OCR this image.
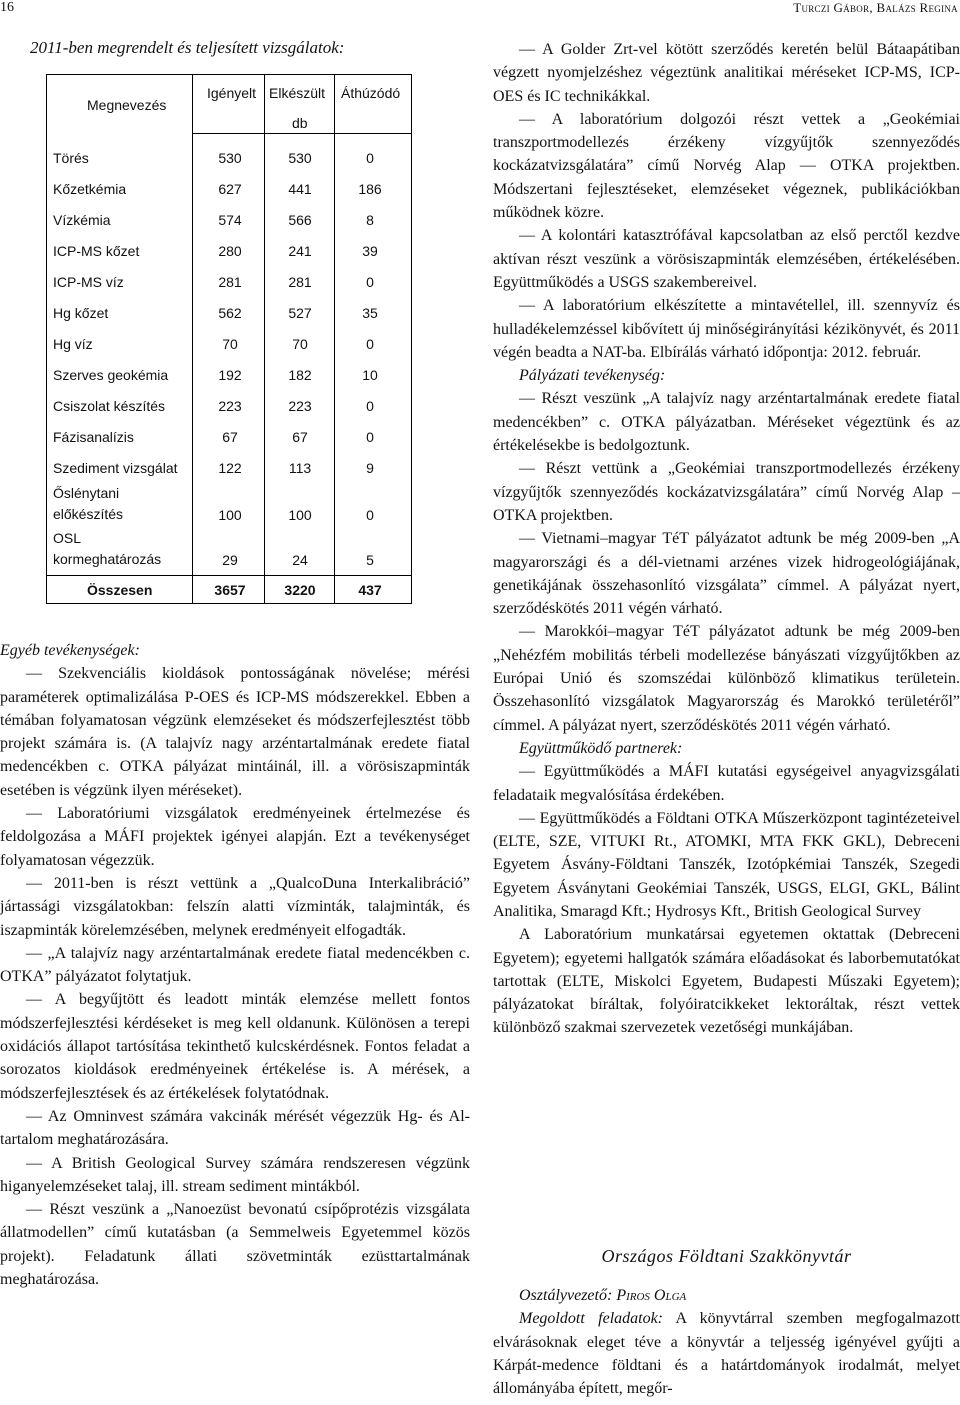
16	Turczi Gábor, Balázs Regina
2011-ben megrendelt és teljesített vizsgálatok:
Megnevezés
Igényelt Elkészült Áthúzódó
db
Törés	530	530	0
Kőzetkémia	627	441	186
Vízkémia	574	566	8
ICP-MS kőzet	280	241	39
ICP-MS víz	281	281	0
Hg kőzet	562	527	35
Hg víz	70	70	0
Szerves geokémia	192	182	10
Csiszolat készítés	223	223	0
Fázisanalízis	67	67	0
Szediment vizsgálat	122	113	9
Őslénytani
előkészítés	100	100	0
OSL
kormeghatározás	29	24	5
Összesen	3657	3220	437

Egyéb tevékenységek:

— Szekvenciális kioldások pontosságának növelése; mérési paraméterek optimalizálása P-OES és ICP-MS módszerekkel. Ebben a témában folyamatosan végzünk elemzéseket és módszerfejlesztést több projekt számára is. (A talajvíz nagy arzéntartalmának eredete fiatal medencékben c. OTKA pályázat mintáinál, ill. a vörösiszapminták esetében is végzünk ilyen méréseket).

— Laboratóriumi vizsgálatok eredményeinek értelmezése és feldolgozása a MÁFI projektek igényei alapján. Ezt a tevékenységet folyamatosan végezzük.

— 2011-ben is részt vettünk a „QualcoDuna Interkalibráció” jártassági vizsgálatokban: felszín alatti vízminták, talajminták, és iszapminták körelemzésében, melynek eredményeit elfogadták.

— „A talajvíz nagy arzéntartalmának eredete fiatal medencékben c. OTKA” pályázatot folytatjuk.

— A begyűjtött és leadott minták elemzése mellett fontos módszerfejlesztési kérdéseket is meg kell oldanunk. Különösen a terepi oxidációs állapot tartósítása tekinthető kulcskérdésnek. Fontos feladat a sorozatos kioldások eredményeinek értékelése is. A mérések, a módszerfejlesztések és az értékelések folytatódnak.

— Az Omninvest számára vakcinák mérését végezzük Hg- és Al-tartalom meghatározására.

— A British Geological Survey számára rendszeresen végzünk higanyelemzéseket talaj, ill. stream sediment mintákból.

— Részt veszünk a „Nanoezüst bevonatú csípőprotézis vizsgálata állatmodellen” című kutatásban (a Semmelweis Egyetemmel közös projekt). Feladatunk állati szövetminták ezüsttartalmának meghatározása.

— A Golder Zrt-vel kötött szerződés keretén belül Bátaapátiban végzett nyomjelzéshez végeztünk analitikai méréseket ICP-MS, ICP-OES és IC technikákkal.

— A laboratórium dolgozói részt vettek a „Geokémiai transzportmodellezés érzékeny vízgyűjtők szennyeződés kockázatvizsgálatára” című Norvég Alap — OTKA projektben. Módszertani fejlesztéseket, elemzéseket végeznek, publikációkban működnek közre.

— A kolontári katasztrófával kapcsolatban az első perctől kezdve aktívan részt veszünk a vörösiszapminták elemzésében, értékelésében. Együttműködés a USGS szakembereivel.

— A laboratórium elkészítette a mintavétellel, ill. szennyvíz és hulladékelemzéssel kibővített új minőségirányítási kézikönyvét, és 2011 végén beadta a NAT-ba. Elbírálás várható időpontja: 2012. február.

Pályázati tevékenység:

— Részt veszünk „A talajvíz nagy arzéntartalmának eredete fiatal medencékben” c. OTKA pályázatban. Méréseket végeztünk és az értékelésekbe is bedolgoztunk.

— Részt vettünk a „Geokémiai transzportmodellezés érzékeny vízgyűjtők szennyeződés kockázatvizsgálatára” című Norvég Alap – OTKA projektben.

— Vietnami–magyar TéT pályázatot adtunk be még 2009-ben „A magyarországi és a dél-vietnami arzénes vizek hidrogeológiájának, genetikájának összehasonlító vizsgálata” címmel. A pályázat nyert, szerződéskötés 2011 végén várható.

— Marokkói–magyar TéT pályázatot adtunk be még 2009-ben „Nehézfém mobilitás térbeli modellezése bányászati vízgyűjtőkben az Európai Unió és szomszédai különböző klimatikus területein. Összehasonlító vizsgálatok Magyarország és Marokkó területéről” címmel. A pályázat nyert, szerződéskötés 2011 végén várható.

Együttműködő partnerek:

— Együttműködés a MÁFI kutatási egységeivel anyagvizsgálati feladataik megvalósítása érdekében.

— Együttműködés a Földtani OTKA Műszerközpont tagintézeteivel (ELTE, SZE, VITUKI Rt., ATOMKI, MTA FKK GKL), Debreceni Egyetem Ásvány-Földtani Tanszék, Izotópkémiai Tanszék, Szegedi Egyetem Ásványtani Geokémiai Tanszék, USGS, ELGI, GKL, Bálint Analitika, Smaragd Kft.; Hydrosys Kft., British Geological Survey

A Laboratórium munkatársai egyetemen oktattak (Debreceni Egyetem); egyetemi hallgatók számára előadásokat és laborbemutatókat tartottak (ELTE, Miskolci Egyetem, Budapesti Műszaki Egyetem); pályázatokat bíráltak, folyóiratcikkeket lektoráltak, részt vettek különböző szakmai szervezetek vezetőségi munkájában.

Országos Földtani Szakkönyvtár

Osztályvezető: Piros Olga

Megoldott feladatok: A könyvtárral szemben megfogalmazott elvárásoknak eleget téve a könyvtár a teljesség igényével gyűjti a Kárpát-medence földtani és a határtdományok irodalmát, melyet állományába épített, megőr-
